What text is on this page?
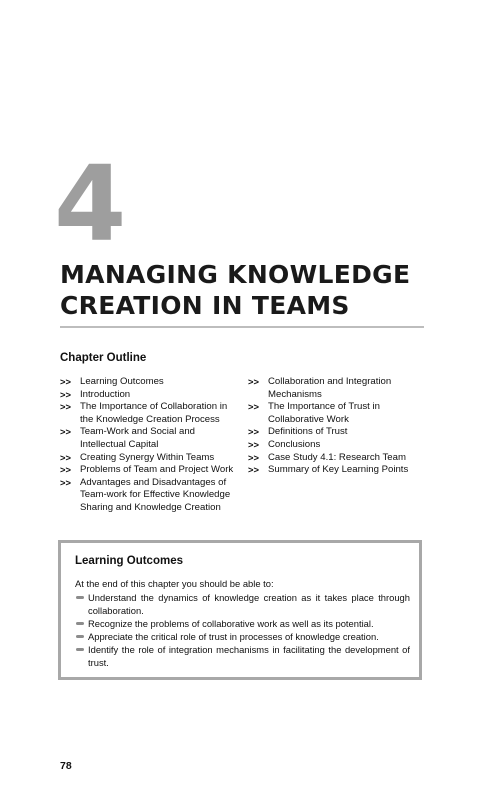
4
MANAGING KNOWLEDGE CREATION IN TEAMS
Chapter Outline
>> Learning Outcomes
>> Introduction
>> The Importance of Collaboration in the Knowledge Creation Process
>> Team-Work and Social and Intellectual Capital
>> Creating Synergy Within Teams
>> Problems of Team and Project Work
>> Advantages and Disadvantages of Team-work for Effective Knowledge Sharing and Knowledge Creation
>> Collaboration and Integration Mechanisms
>> The Importance of Trust in Collaborative Work
>> Definitions of Trust
>> Conclusions
>> Case Study 4.1: Research Team
>> Summary of Key Learning Points
Learning Outcomes
At the end of this chapter you should be able to:
Understand the dynamics of knowledge creation as it takes place through collaboration.
Recognize the problems of collaborative work as well as its potential.
Appreciate the critical role of trust in processes of knowledge creation.
Identify the role of integration mechanisms in facilitating the development of trust.
78
